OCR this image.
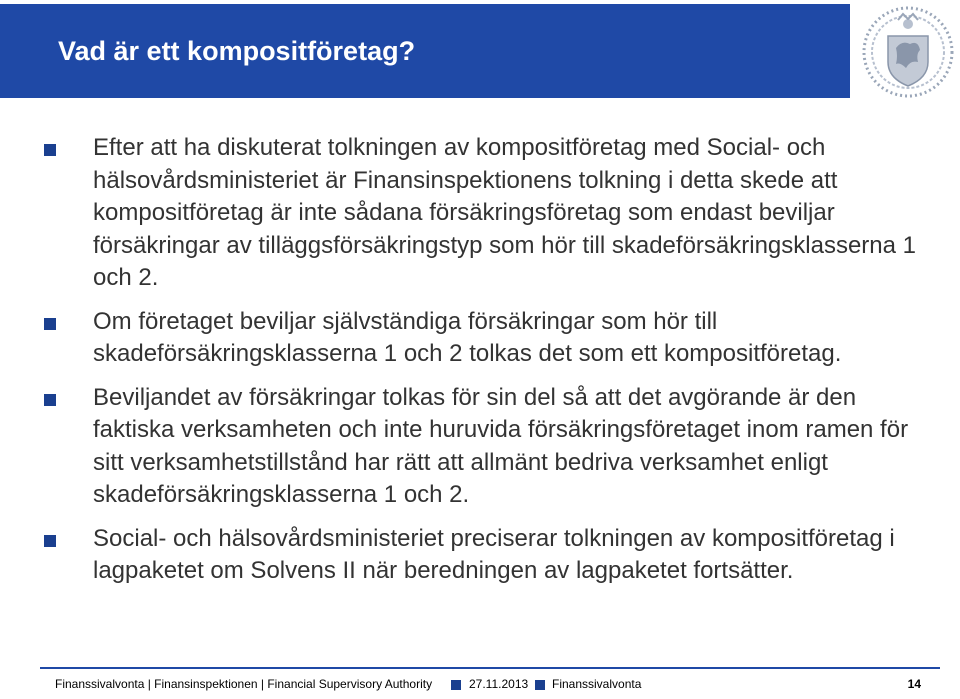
Vad är ett kompositföretag?
Efter att ha diskuterat tolkningen av kompositföretag med Social- och hälsovårdsministeriet är Finansinspektionens tolkning i detta skede att kompositföretag är inte sådana försäkringsföretag som endast beviljar försäkringar av tilläggsförsäkringstyp som hör till skadeförsäkringsklasserna 1 och 2.
Om företaget beviljar självständiga försäkringar som hör till skadeförsäkringsklasserna 1 och 2 tolkas det som ett kompositföretag.
Beviljandet av försäkringar tolkas för sin del så att det avgörande är den faktiska verksamheten och inte huruvida försäkringsföretaget inom ramen för sitt verksamhetstillstånd har rätt att allmänt bedriva verksamhet enligt skadeförsäkringsklasserna 1 och 2.
Social- och hälsovårdsministeriet preciserar tolkningen av kompositföretag i lagpaketet om Solvens II när beredningen av lagpaketet fortsätter.
Finanssivalvonta | Finansinspektionen | Financial Supervisory Authority	27.11.2013 Finanssivalvonta	14
